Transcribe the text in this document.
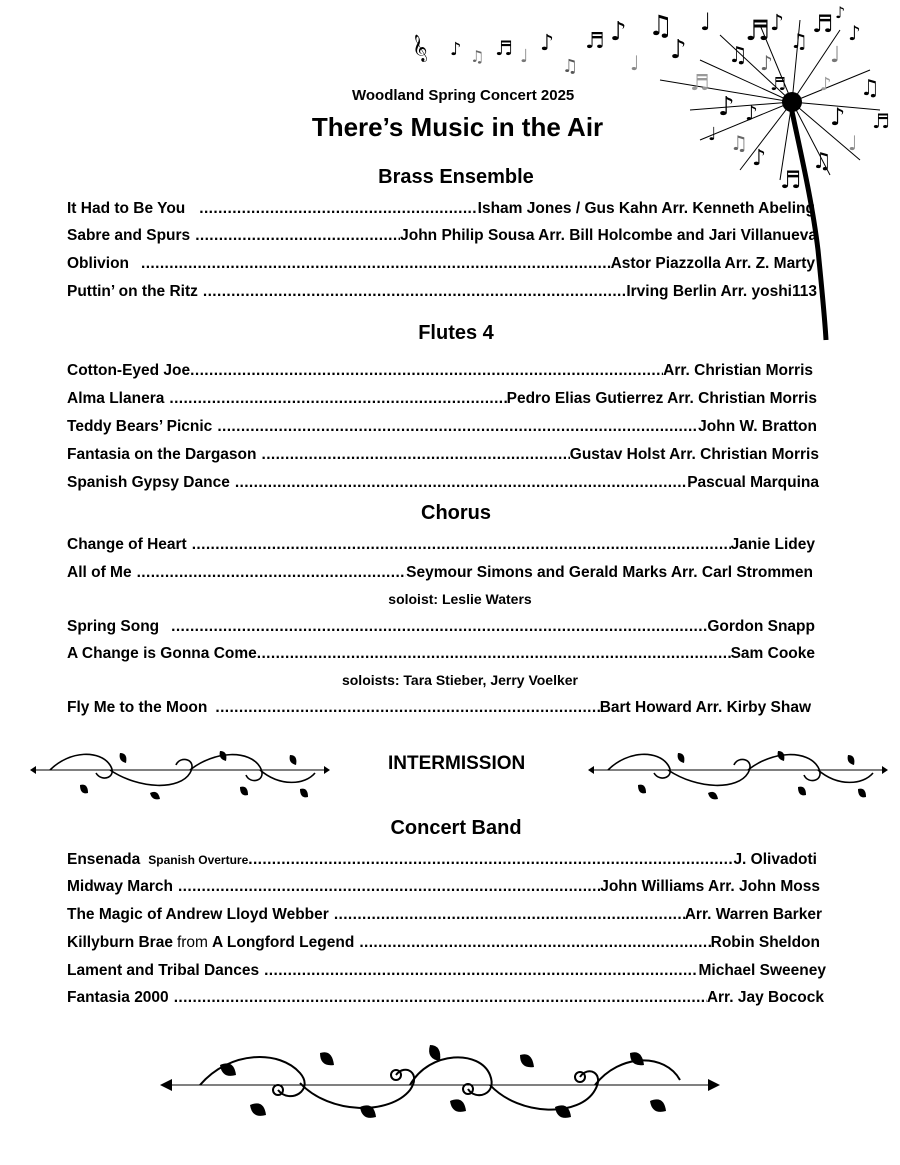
𝄞 ♪ ♫ ♬ ♩
♪
♫
♬ ♪
♩
♫
♪
♬
♩
♪
♫
♬
♪
♪
♫
♬
♩
♪
♫
♬
♩
♪
♫
♬
♪
♫
♩
♪
♬ ♪
♪
Woodland Spring Concert 2025
There’s Music in the Air
Brass Ensemble
It Had to Be You .....	Isham Jones / Gus Kahn Arr. Kenneth Abeling
Sabre and Spurs .....	John Philip Sousa Arr. Bill Holcombe and Jari Villanueva
Oblivion .....	Astor Piazzolla Arr. Z. Marty
Puttin’ on the Ritz .....	Irving Berlin Arr. yoshi113
Flutes 4
Cotton-Eyed Joe .....	Arr. Christian Morris
Alma Llanera .....	Pedro Elias Gutierrez Arr. Christian Morris
Teddy Bears’ Picnic .....	John W. Bratton
Fantasia on the Dargason .....	Gustav Holst Arr. Christian Morris
Spanish Gypsy Dance .....	Pascual Marquina
Chorus
Change of Heart .....	Janie Lidey
All of Me .....	Seymour Simons and Gerald Marks Arr. Carl Strommen
soloist: Leslie Waters
Spring Song .....	Gordon Snapp
A Change is Gonna Come .....	Sam Cooke
soloists: Tara Stieber, Jerry Voelker
Fly Me to the Moon .....	Bart Howard Arr. Kirby Shaw
INTERMISSION
Concert Band
Ensenada Spanish Overture .....	J. Olivadoti
Midway March .....	John Williams Arr. John Moss
The Magic of Andrew Lloyd Webber .....	Arr. Warren Barker
Killyburn Brae from A Longford Legend .....	Robin Sheldon
Lament and Tribal Dances .....	Michael Sweeney
Fantasia 2000 .....	Arr. Jay Bocock
